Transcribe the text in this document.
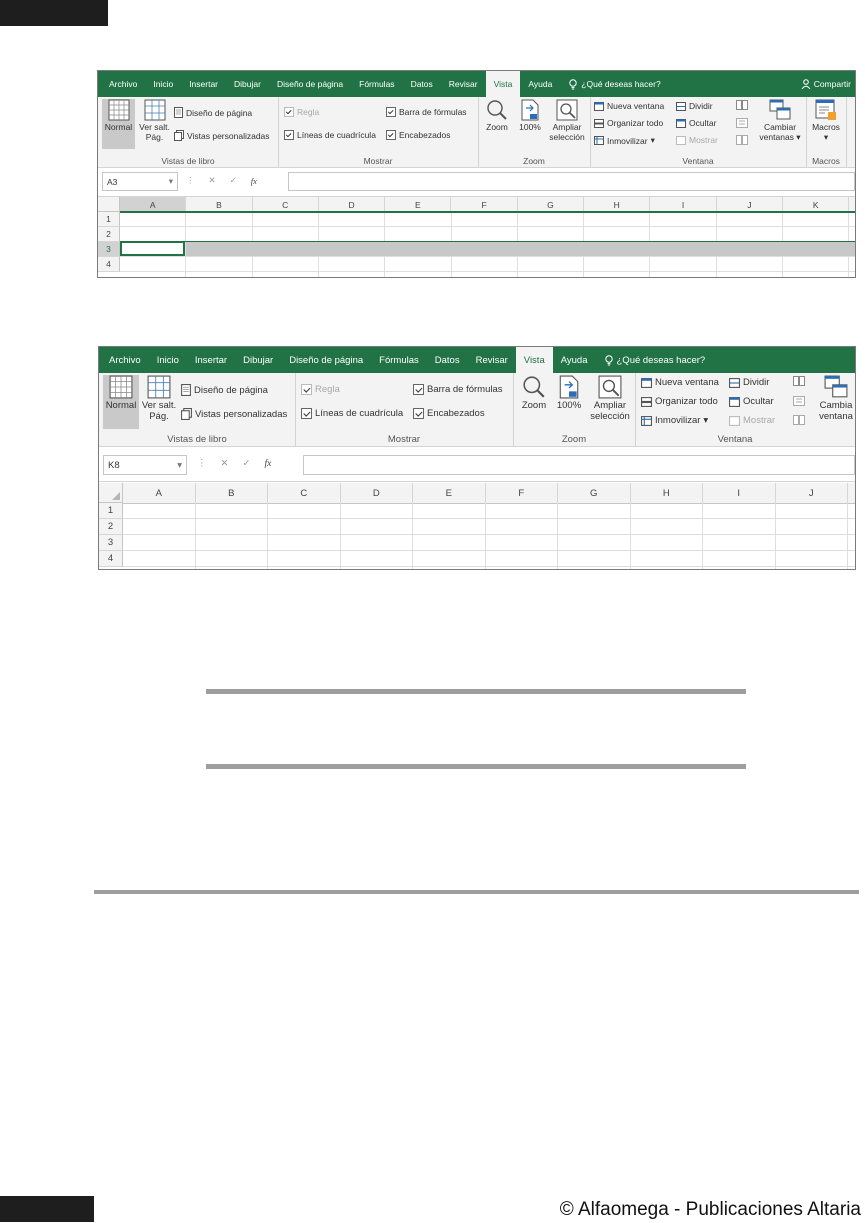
Archivo	Inicio	Insertar	Dibujar	Diseño de página	Fórmulas	Datos	Revisar	Vista	Ayuda	¿Qué deseas hacer?	Compartir
Normal Ver salt.
Pág.
Diseño de página
Vistas personalizadas
Vistas de libro
Regla
Líneas de cuadrícula
Barra de fórmulas
Encabezados
Mostrar
Zoom 100% Ampliar
selección
Zoom
Nueva ventana
Organizar todo
Inmovilizar ▾
Dividir
Ocultar
Mostrar
Cambiar
ventanas ▾
Ventana
Macros
▾
Macros
A3	▾ ⋮ ✕ ✓ fx
A	B	C	D	E	F	G	H	I	J	K
1
2
3
4
Archivo	Inicio	Insertar	Dibujar	Diseño de página	Fórmulas	Datos	Revisar	Vista	Ayuda	¿Qué deseas hacer?
Normal Ver salt.
Pág.
Diseño de página
Vistas personalizadas
Vistas de libro
Regla
Líneas de cuadrícula
Barra de fórmulas
Encabezados
Mostrar
Zoom 100% Ampliar
selección
Zoom
Nueva ventana
Organizar todo
Inmovilizar ▾
Dividir
Ocultar
Mostrar
Cambia
ventana
Ventana
K8	▾ ⋮ ✕ ✓ fx
A	B	C	D	E	F	G	H	I	J
1
2
3
4
© Alfaomega - Publicaciones Altaria
